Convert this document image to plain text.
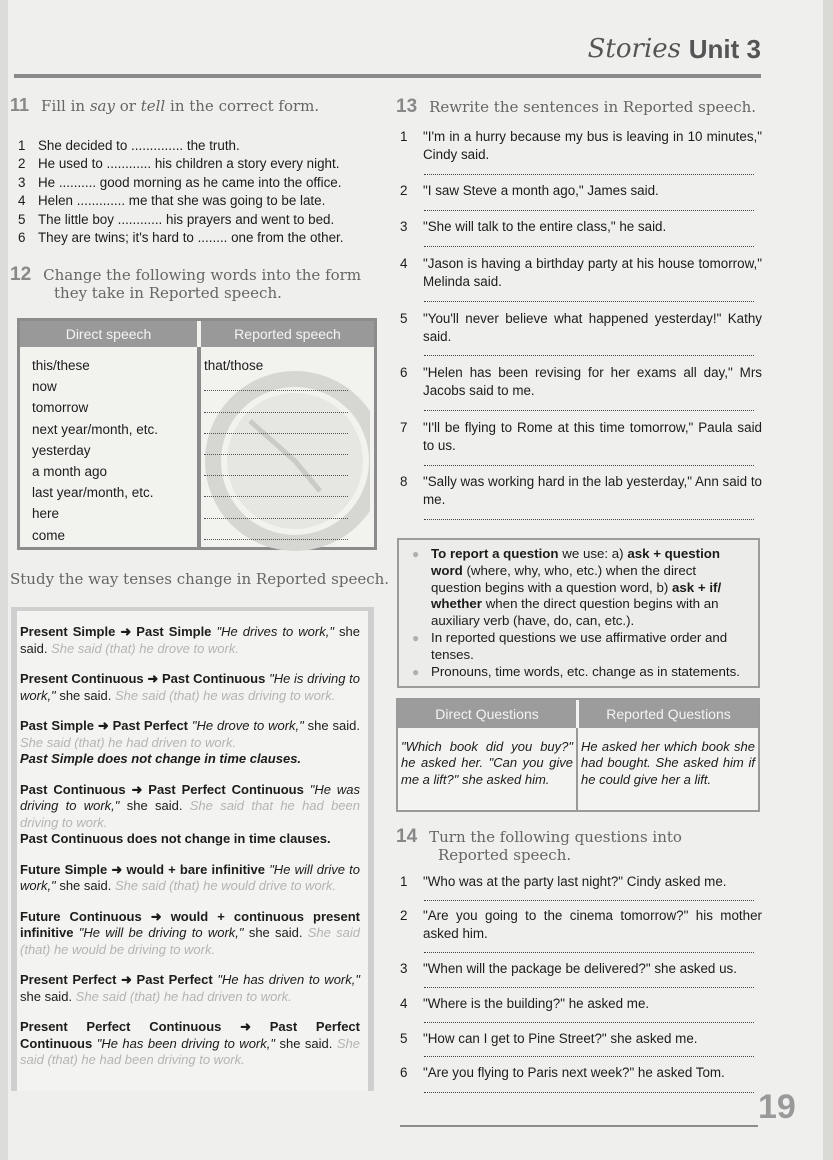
Stories Unit 3
11 Fill in say or tell in the correct form.
1 She decided to .............. the truth.
2 He used to ............ his children a story every night.
3 He .......... good morning as he came into the office.
4 Helen ............. me that she was going to be late.
5 The little boy ............ his prayers and went to bed.
6 They are twins; it's hard to ........ one from the other.
12 Change the following words into the form they take in Reported speech.
Direct speech	Reported speech
this/these
now
tomorrow
next year/month, etc.
yesterday
a month ago
last year/month, etc.
here
come
that/those
Study the way tenses change in Reported speech.
Present Simple ➜ Past Simple "He drives to work," she said. She said (that) he drove to work.
Present Continuous ➜ Past Continuous "He is driving to work," she said. She said (that) he was driving to work.
Past Simple ➜ Past Perfect "He drove to work," she said. She said (that) he had driven to work.
Past Simple does not change in time clauses.
Past Continuous ➜ Past Perfect Continuous "He was driving to work," she said. She said that he had been driving to work.
Past Continuous does not change in time clauses.
Future Simple ➜ would + bare infinitive "He will drive to work," she said. She said (that) he would drive to work.
Future Continuous ➜ would + continuous present infinitive "He will be driving to work," she said. She said (that) he would be driving to work.
Present Perfect ➜ Past Perfect "He has driven to work," she said. She said (that) he had driven to work.
Present Perfect Continuous ➜ Past Perfect Continuous "He has been driving to work," she said. She said (that) he had been driving to work.
13 Rewrite the sentences in Reported speech.
1 "I'm in a hurry because my bus is leaving in 10 minutes," Cindy said.
2 "I saw Steve a month ago," James said.
3 "She will talk to the entire class," he said.
4 "Jason is having a birthday party at his house tomorrow," Melinda said.
5 "You'll never believe what happened yesterday!" Kathy said.
6 "Helen has been revising for her exams all day," Mrs Jacobs said to me.
7 "I'll be flying to Rome at this time tomorrow," Paula said to us.
8 "Sally was working hard in the lab yesterday," Ann said to me.
● To report a question we use: a) ask + question word (where, why, who, etc.) when the direct question begins with a question word, b) ask + if/ whether when the direct question begins with an auxiliary verb (have, do, can, etc.).
● In reported questions we use affirmative order and tenses.
● Pronouns, time words, etc. change as in statements.
Direct Questions	Reported Questions
"Which book did you buy?" he asked her. "Can you give me a lift?" she asked him.
He asked her which book she had bought. She asked him if he could give her a lift.
14 Turn the following questions into Reported speech.
1 "Who was at the party last night?" Cindy asked me.
2 "Are you going to the cinema tomorrow?" his mother asked him.
3 "When will the package be delivered?" she asked us.
4 "Where is the building?" he asked me.
5 "How can I get to Pine Street?" she asked me.
6 "Are you flying to Paris next week?" he asked Tom.
19
